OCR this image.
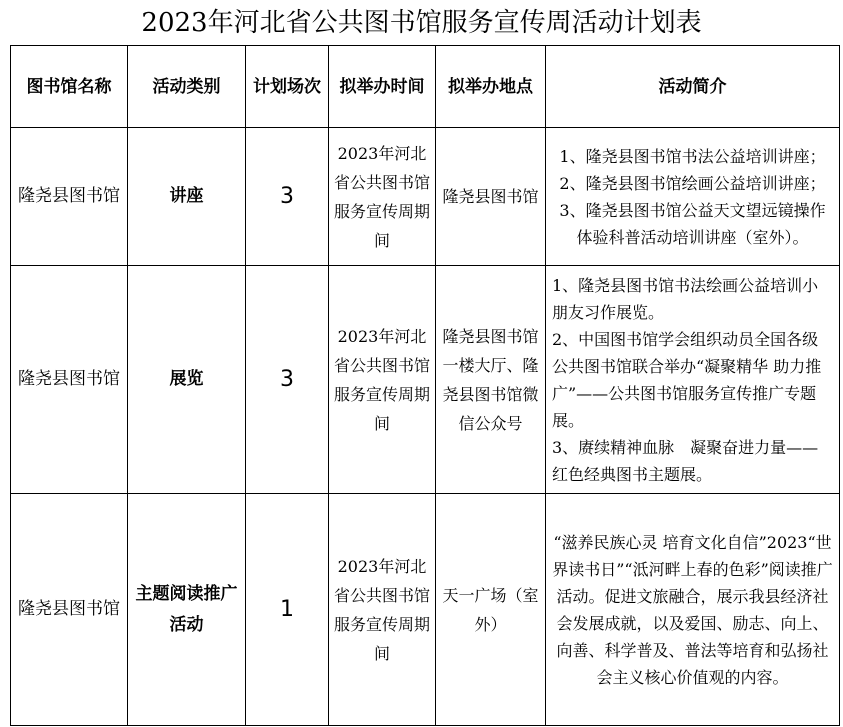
2023年河北省公共图书馆服务宣传周活动计划表
图书馆名称	活动类别	计划场次	拟举办时间	拟举办地点	活动简介
隆尧县图书馆	讲座	3	2023年河北省公共图书馆服务宣传周期间	隆尧县图书馆	1、隆尧县图书馆书法公益培训讲座；2、隆尧县图书馆绘画公益培训讲座；3、隆尧县图书馆公益天文望远镜操作体验科普活动培训讲座（室外）。

隆尧县图书馆	展览	3	2023年河北省公共图书馆服务宣传周期间	隆尧县图书馆一楼大厅、隆尧县图书馆微信公众号	1、隆尧县图书馆书法绘画公益培训小朋友习作展览。

2、中国图书馆学会组织动员全国各级公共图书馆联合举办“凝聚精华 助力推广”——公共图书馆服务宣传推广专题展。

3、赓续精神血脉　凝聚奋进力量——红色经典图书主题展。

隆尧县图书馆	主题阅读推广活动	1	2023年河北省公共图书馆服务宣传周期间	天一广场（室外）	“滋养民族心灵 培育文化自信”2023“世界读书日”“泜河畔上春的色彩”阅读推广活动。促进文旅融合，展示我县经济社会发展成就，以及爱国、励志、向上、向善、科学普及、普法等培育和弘扬社会主义核心价值观的内容。
